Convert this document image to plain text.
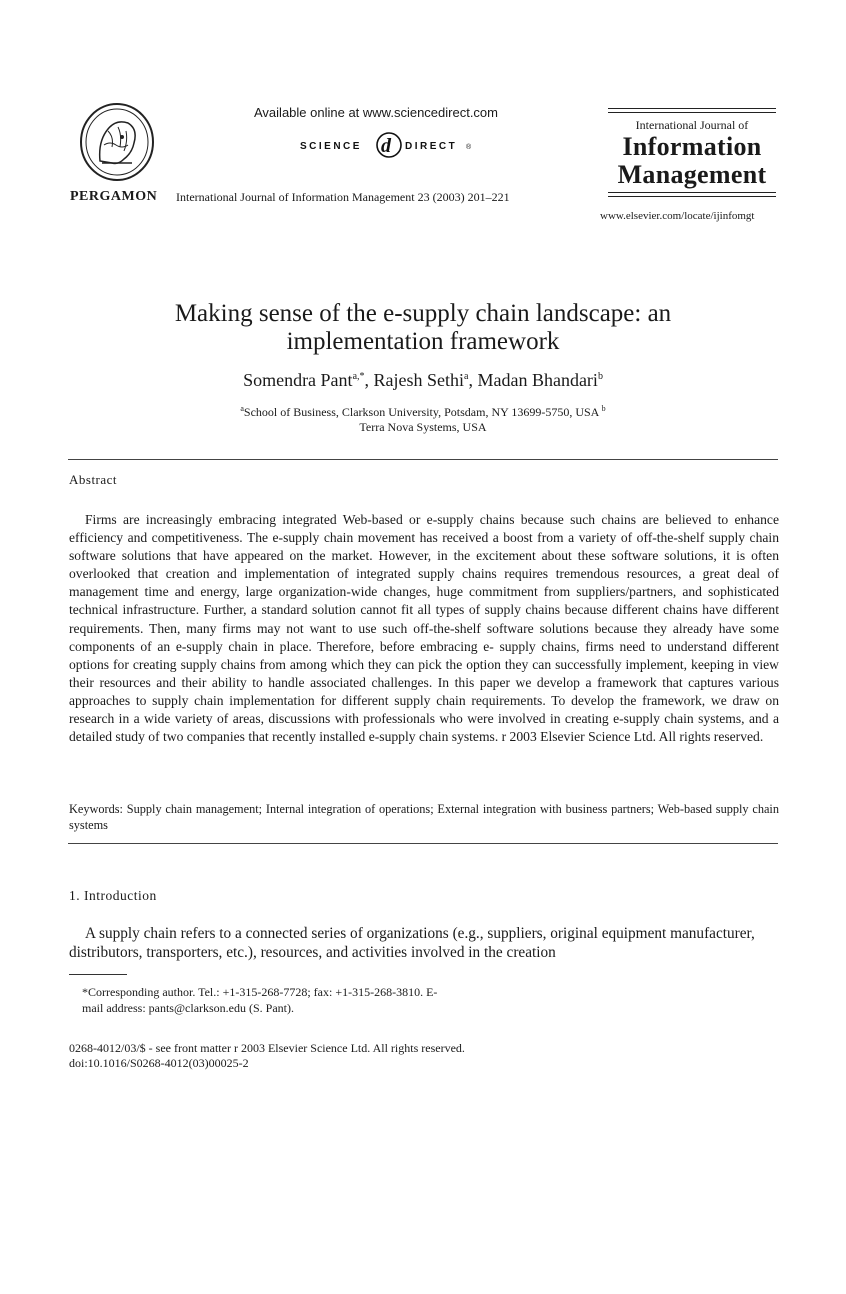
PERGAMON
Available online at www.sciencedirect.com
SCIENCE d DIRECT ®
International Journal of Information Management 23 (2003) 201–221
International Journal of
Information
Management
www.elsevier.com/locate/ijinfomgt
Making sense of the e-supply chain landscape: an
implementation framework
Somendra Pant$^{a,*}$, Rajesh Sethi$^a$, Madan Bhandari$^b$
$^a$School of Business, Clarkson University, Potsdam, NY 13699-5750, USA $^b$
Terra Nova Systems, USA
Abstract
Firms are increasingly embracing integrated Web-based or e-supply chains because such chains are believed to enhance efficiency and competitiveness. The e-supply chain movement has received a boost from a variety of off-the-shelf supply chain software solutions that have appeared on the market. However, in the excitement about these software solutions, it is often overlooked that creation and implementation of integrated supply chains requires tremendous resources, a great deal of management time and energy, large organization-wide changes, huge commitment from suppliers/partners, and sophisticated technical infrastructure. Further, a standard solution cannot fit all types of supply chains because different chains have different requirements. Then, many firms may not want to use such off-the-shelf software solutions because they already have some components of an e-supply chain in place. Therefore, before embracing e- supply chains, firms need to understand different options for creating supply chains from among which they can pick the option they can successfully implement, keeping in view their resources and their ability to handle associated challenges. In this paper we develop a framework that captures various approaches to supply chain implementation for different supply chain requirements. To develop the framework, we draw on research in a wide variety of areas, discussions with professionals who were involved in creating e-supply chain systems, and a detailed study of two companies that recently installed e-supply chain systems. r 2003 Elsevier Science Ltd. All rights reserved.
Keywords: Supply chain management; Internal integration of operations; External integration with business partners; Web-based supply chain systems
1. Introduction
A supply chain refers to a connected series of organizations (e.g., suppliers, original equipment manufacturer, distributors, transporters, etc.), resources, and activities involved in the creation
*Corresponding author. Tel.: +1-315-268-7728; fax: +1-315-268-3810. E-
mail address: pants@clarkson.edu (S. Pant).
0268-4012/03/$ - see front matter r 2003 Elsevier Science Ltd. All rights reserved.
doi:10.1016/S0268-4012(03)00025-2
